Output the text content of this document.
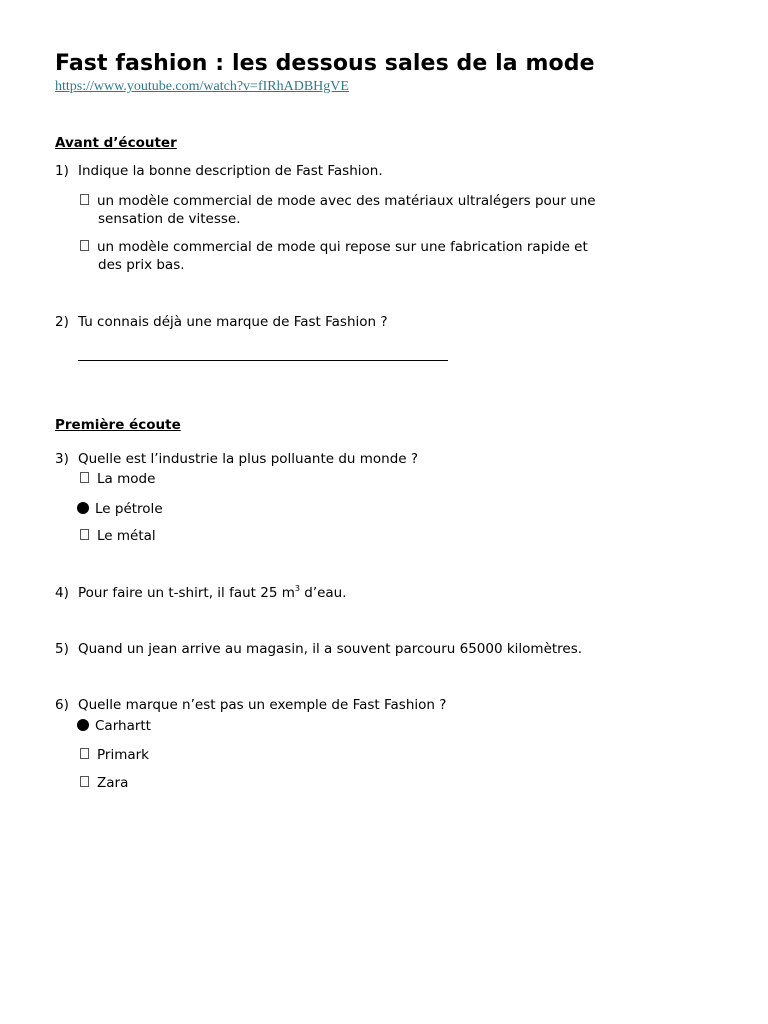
Fast fashion : les dessous sales de la mode
https://www.youtube.com/watch?v=fIRhADBHgVE
Avant d’écouter
1) Indique la bonne description de Fast Fashion.
un modèle commercial de mode avec des matériaux ultralégers pour une
sensation de vitesse.
un modèle commercial de mode qui repose sur une fabrication rapide et
des prix bas.
2) Tu connais déjà une marque de Fast Fashion ?
Première écoute
3) Quelle est l’industrie la plus polluante du monde ?
La mode
Le pétrole
Le métal
4) Pour faire un t-shirt, il faut 25 $m^3$ d’eau.
5) Quand un jean arrive au magasin, il a souvent parcouru 65000 kilomètres.
6) Quelle marque n’est pas un exemple de Fast Fashion ?
Carhartt
Primark
Zara
